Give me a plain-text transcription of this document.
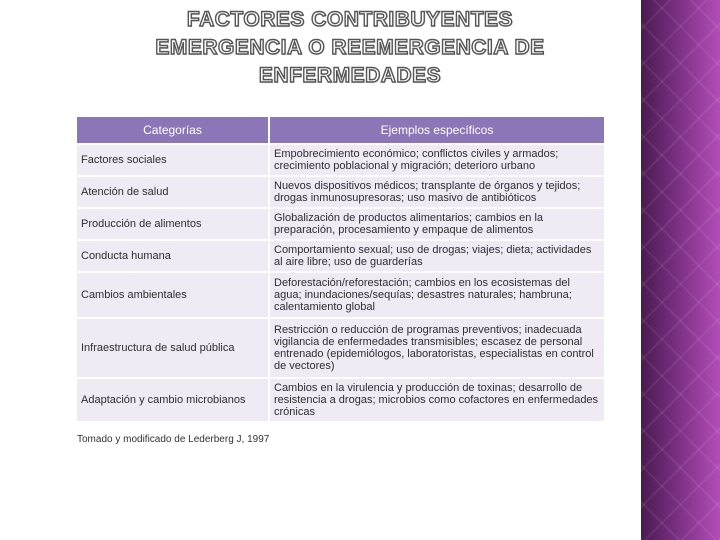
FACTORES CONTRIBUYENTES
EMERGENCIA O REEMERGENCIA DE
ENFERMEDADES
Categorías	Ejemplos específicos
Factores sociales	Empobrecimiento económico; conflictos civiles y armados; crecimiento poblacional y migración; deterioro urbano
Atención de salud	Nuevos dispositivos médicos; transplante de órganos y tejidos; drogas inmunosupresoras; uso masivo de antibióticos
Producción de alimentos	Globalización de productos alimentarios; cambios en la preparación, procesamiento y empaque de alimentos
Conducta humana	Comportamiento sexual; uso de drogas; viajes; dieta; actividades al aire libre; uso de guarderías
Cambios ambientales	Deforestación/reforestación; cambios en los ecosistemas del agua; inundaciones/sequías; desastres naturales; hambruna; calentamiento global
Infraestructura de salud pública	Restricción o reducción de programas preventivos; inadecuada vigilancia de enfermedades transmisibles; escasez de personal entrenado (epidemiólogos, laboratoristas, especialistas en control de vectores)
Adaptación y cambio microbianos	Cambios en la virulencia y producción de toxinas; desarrollo de resistencia a drogas; microbios como cofactores en enfermedades crónicas
Tomado y modificado de Lederberg J, 1997
